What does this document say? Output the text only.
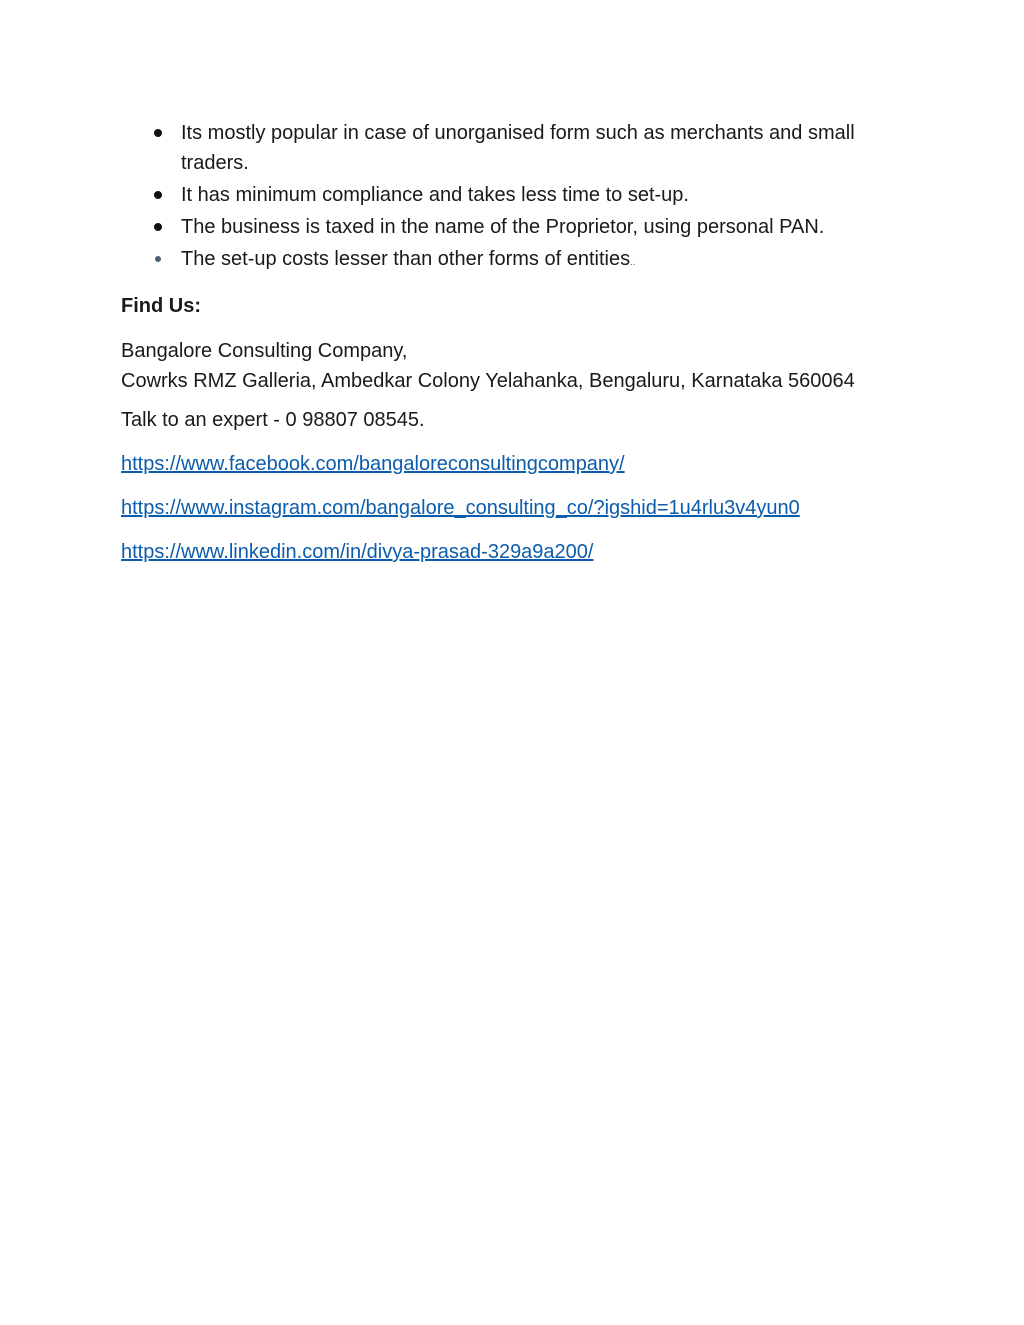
Its mostly popular in case of unorganised form such as merchants and small traders.
It has minimum compliance and takes less time to set-up.
The business is taxed in the name of the Proprietor, using personal PAN.
The set-up costs lesser than other forms of entities..

Find Us:

Bangalore Consulting Company,
Cowrks RMZ Galleria, Ambedkar Colony Yelahanka, Bengaluru, Karnataka 560064

Talk to an expert - 0 98807 08545.

https://www.facebook.com/bangaloreconsultingcompany/
https://www.instagram.com/bangalore_consulting_co/?igshid=1u4rlu3v4yun0
https://www.linkedin.com/in/divya-prasad-329a9a200/
